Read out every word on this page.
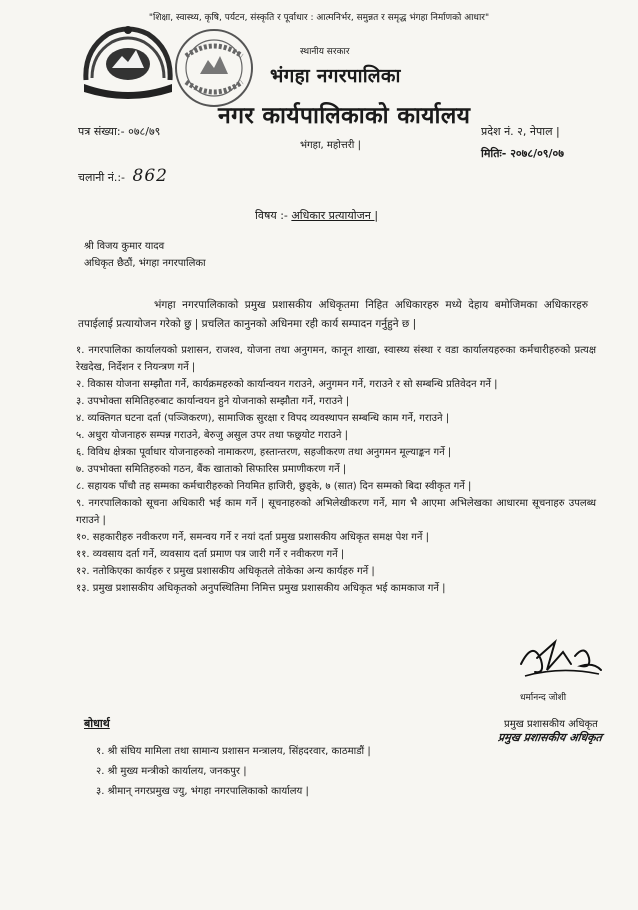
"शिक्षा, स्वास्थ्य, कृषि, पर्यटन, संस्कृति र पूर्वाधार : आत्मनिर्भर, समुन्नत र समृद्ध भंगहा निर्माणको आधार"
स्थानीय सरकार
भंगहा नगरपालिका
नगर कार्यपालिकाको कार्यालय
पत्र संख्या:- ०७८/७९
भंगहा, महोत्तरी |
प्रदेश नं. २, नेपाल |
मितिः- २०७८/०९/०७
चलानी नं.:- 862
विषय :- अधिकार प्रत्यायोजन |
श्री विजय कुमार यादव
अधिकृत छैठौं, भंगहा नगरपालिका
भंगहा नगरपालिकाको प्रमुख प्रशासकीय अधिकृतमा निहित अधिकारहरु मध्ये देहाय बमोजिमका अधिकारहरु तपाईलाई प्रत्यायोजन गरेको छु | प्रचलित कानुनको अधिनमा रही कार्य सम्पादन गर्नुहुने छ |
१. नगरपालिका कार्यालयको प्रशासन, राजश्व, योजना तथा अनुगमन, कानून शाखा, स्वास्थ्य संस्था र वडा कार्यालयहरुका कर्मचारीहरुको प्रत्यक्ष रेखदेख, निर्देशन र नियन्त्रण गर्ने |
२. विकास योजना सम्झौता गर्ने, कार्यक्रमहरुको कार्यान्वयन गराउने, अनुगमन गर्ने, गराउने र सो सम्बन्धि प्रतिवेदन गर्ने |
३. उपभोक्ता समितिहरुबाट कार्यान्वयन हुने योजनाको सम्झौता गर्ने, गराउने |
४. व्यक्तिगत घटना दर्ता (पञ्जिकरण), सामाजिक सुरक्षा र विपद व्यवस्थापन सम्बन्धि काम गर्ने, गराउने |
५. अधुरा योजनाहरु सम्पन्न गराउने, बेरुजु असुल उपर तथा फछ्र्योट गराउने |
६. विविध क्षेत्रका पूर्वाधार योजनाहरुको नामाकरण, हस्तान्तरण, सहजीकरण तथा अनुगमन मूल्याङ्कन गर्ने |
७. उपभोक्ता समितिहरुको गठन, बैंक खाताको सिफारिस प्रमाणीकरण गर्ने |
८. सहायक पाँचौ तह सम्मका कर्मचारीहरुको नियमित हाजिरी, छुड्के, ७ (सात) दिन सम्मको बिदा स्वीकृत गर्ने |
९. नगरपालिकाको सूचना अधिकारी भई काम गर्ने | सूचनाहरुको अभिलेखीकरण गर्ने, माग भै आएमा अभिलेखका आधारमा सूचनाहरु उपलब्ध गराउने |
१०. सहकारीहरु नवीकरण गर्ने, समन्वय गर्ने र नयां दर्ता प्रमुख प्रशासकीय अधिकृत समक्ष पेश गर्ने |
११. व्यवसाय दर्ता गर्ने, व्यवसाय दर्ता प्रमाण पत्र जारी गर्ने र नवीकरण गर्ने |
१२. नतोकिएका कार्यहरु र प्रमुख प्रशासकीय अधिकृतले तोकेका अन्य कार्यहरु गर्ने |
१३. प्रमुख प्रशासकीय अधिकृतको अनुपस्थितिमा निमित्त प्रमुख प्रशासकीय अधिकृत भई कामकाज गर्ने |
धर्मानन्द जोशी
प्रमुख प्रशासकीय अधिकृत
प्रमुख प्रशासकीय अधिकृत
बोधार्थ
१. श्री संघिय मामिला तथा सामान्य प्रशासन मन्त्रालय, सिंहदरवार, काठमाडौं |
२. श्री मुख्य मन्त्रीको कार्यालय, जनकपुर |
३. श्रीमान् नगरप्रमुख ज्यु, भंगहा नगरपालिकाको कार्यालय |
